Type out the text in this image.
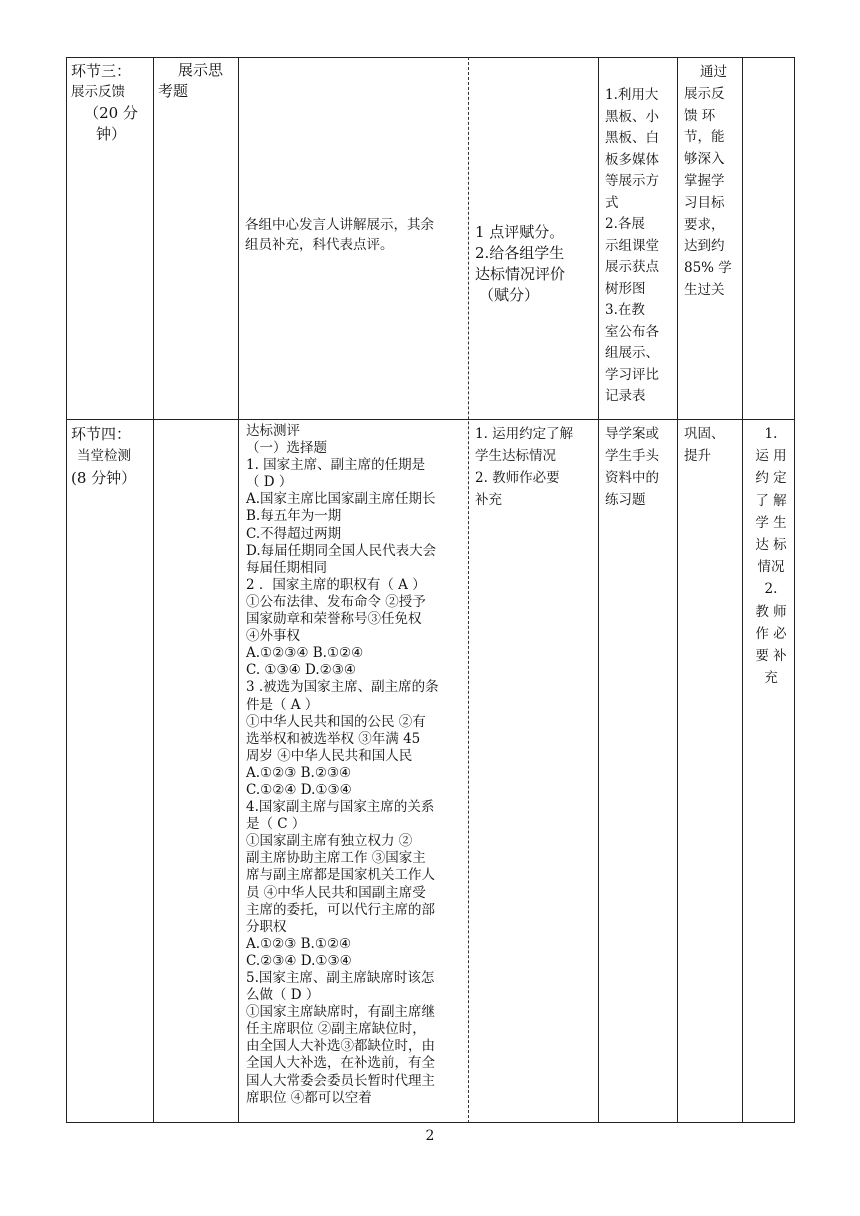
环节三：
展示反馈
（20 分
钟）
展示思
考题
各组中心发言人讲解展示，其余
组员补充，科代表点评。
1 点评赋分。
2.给各组学生
达标情况评价
（赋分）
1.利用大
黑板、小
黑板、白
板多媒体
等展示方
式
2.各展
示组课堂
展示获点
树形图
3.在教
室公布各
组展示、
学习评比
记录表
通过
展示反
馈 环
节，能
够深入
掌握学
习目标
要求，
达到约
85% 学
生过关
环节四：
当堂检测
(8 分钟）
达标测评
（一）选择题
1. 国家主席、副主席的任期是
（ D ）
A.国家主席比国家副主席任期长
B.每五年为一期
C.不得超过两期
D.每届任期同全国人民代表大会
每届任期相同
2 ．国家主席的职权有（ A ）
①公布法律、发布命令 ②授予
国家勋章和荣誉称号③任免权
④外事权
A.①②③④ B.①②④
C. ①③④ D.②③④
3 .被选为国家主席、副主席的条
件是（ A ）
①中华人民共和国的公民 ②有
选举权和被选举权 ③年满 45
周岁 ④中华人民共和国人民
A.①②③ B.②③④
C.①②④ D.①③④
4.国家副主席与国家主席的关系
是（ C ）
①国家副主席有独立权力 ②
副主席协助主席工作 ③国家主
席与副主席都是国家机关工作人
员 ④中华人民共和国副主席受
主席的委托，可以代行主席的部
分职权
A.①②③ B.①②④
C.②③④ D.①③④
5.国家主席、副主席缺席时该怎
么做（ D ）
①国家主席缺席时，有副主席继
任主席职位 ②副主席缺位时，
由全国人大补选③都缺位时，由
全国人大补选，在补选前，有全
国人大常委会委员长暂时代理主
席职位 ④都可以空着
1. 运用约定了解
学生达标情况
2. 教师作必要
补充
导学案或
学生手头
资料中的
练习题
巩固、
提升
1.
运 用
约 定
了 解
学 生
达 标
情况
2.
教 师
作 必
要 补
充
2
